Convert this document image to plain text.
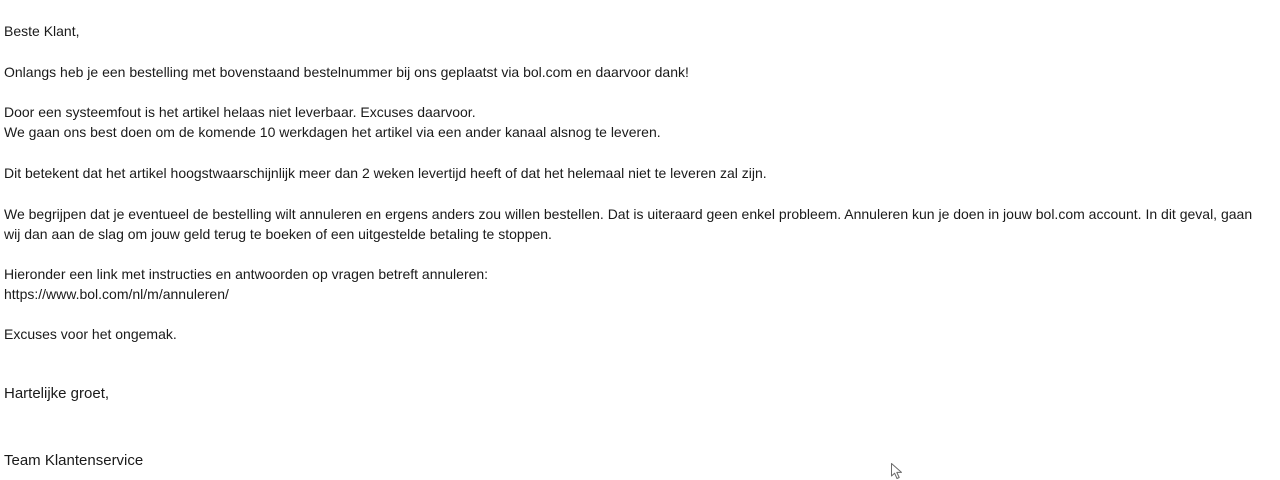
Beste Klant,
Onlangs heb je een bestelling met bovenstaand bestelnummer bij ons geplaatst via bol.com en daarvoor dank!
Door een systeemfout is het artikel helaas niet leverbaar. Excuses daarvoor.
We gaan ons best doen om de komende 10 werkdagen het artikel via een ander kanaal alsnog te leveren.
Dit betekent dat het artikel hoogstwaarschijnlijk meer dan 2 weken levertijd heeft of dat het helemaal niet te leveren zal zijn.
We begrijpen dat je eventueel de bestelling wilt annuleren en ergens anders zou willen bestellen. Dat is uiteraard geen enkel probleem. Annuleren kun je doen in jouw bol.com account. In dit geval, gaan wij dan aan de slag om jouw geld terug te boeken of een uitgestelde betaling te stoppen.
Hieronder een link met instructies en antwoorden op vragen betreft annuleren:
https://www.bol.com/nl/m/annuleren/
Excuses voor het ongemak.
Hartelijke groet,
Team Klantenservice
